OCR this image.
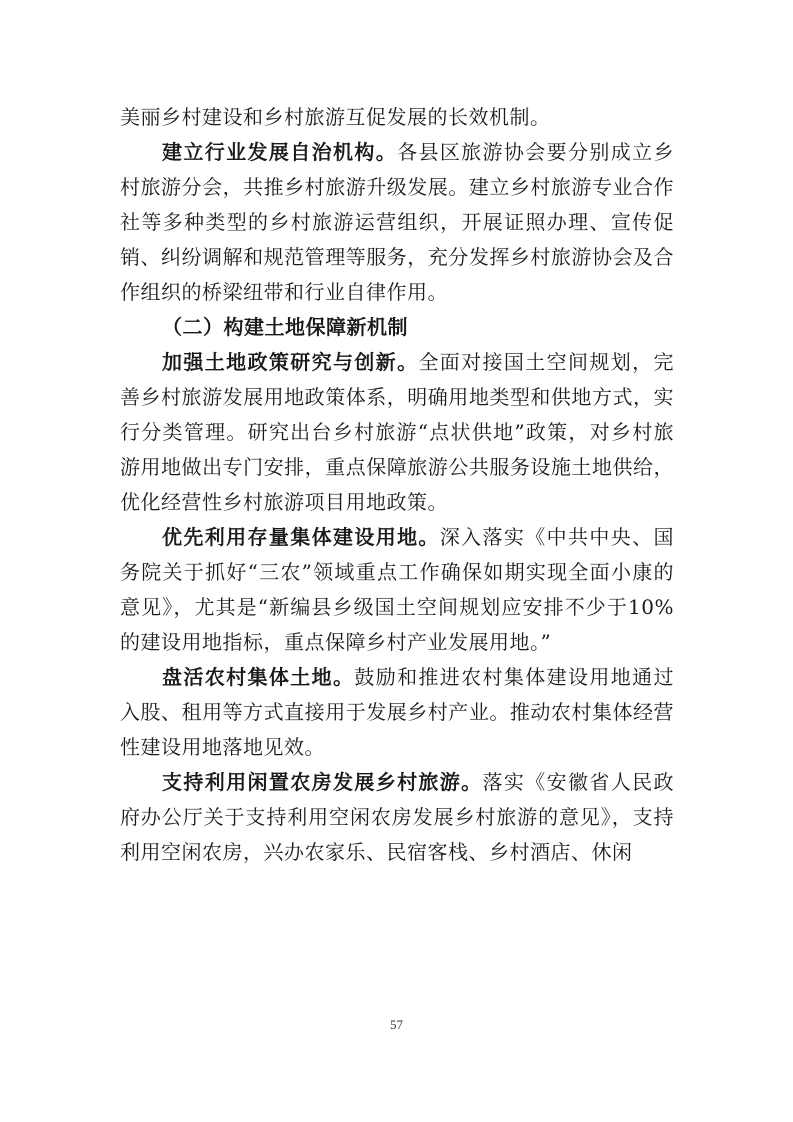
美丽乡村建设和乡村旅游互促发展的长效机制。

建立行业发展自治机构。各县区旅游协会要分别成立乡村旅游分会，共推乡村旅游升级发展。建立乡村旅游专业合作社等多种类型的乡村旅游运营组织，开展证照办理、宣传促销、纠纷调解和规范管理等服务，充分发挥乡村旅游协会及合作组织的桥梁纽带和行业自律作用。

（二）构建土地保障新机制

加强土地政策研究与创新。全面对接国土空间规划，完善乡村旅游发展用地政策体系，明确用地类型和供地方式，实行分类管理。研究出台乡村旅游“点状供地”政策，对乡村旅游用地做出专门安排，重点保障旅游公共服务设施土地供给，优化经营性乡村旅游项目用地政策。

优先利用存量集体建设用地。深入落实《中共中央、国务院关于抓好“三农”领域重点工作确保如期实现全面小康的意见》，尤其是“新编县乡级国土空间规划应安排不少于10%的建设用地指标，重点保障乡村产业发展用地。”

盘活农村集体土地。鼓励和推进农村集体建设用地通过入股、租用等方式直接用于发展乡村产业。推动农村集体经营性建设用地落地见效。

支持利用闲置农房发展乡村旅游。落实《安徽省人民政府办公厅关于支持利用空闲农房发展乡村旅游的意见》，支持利用空闲农房，兴办农家乐、民宿客栈、乡村酒店、休闲

57
